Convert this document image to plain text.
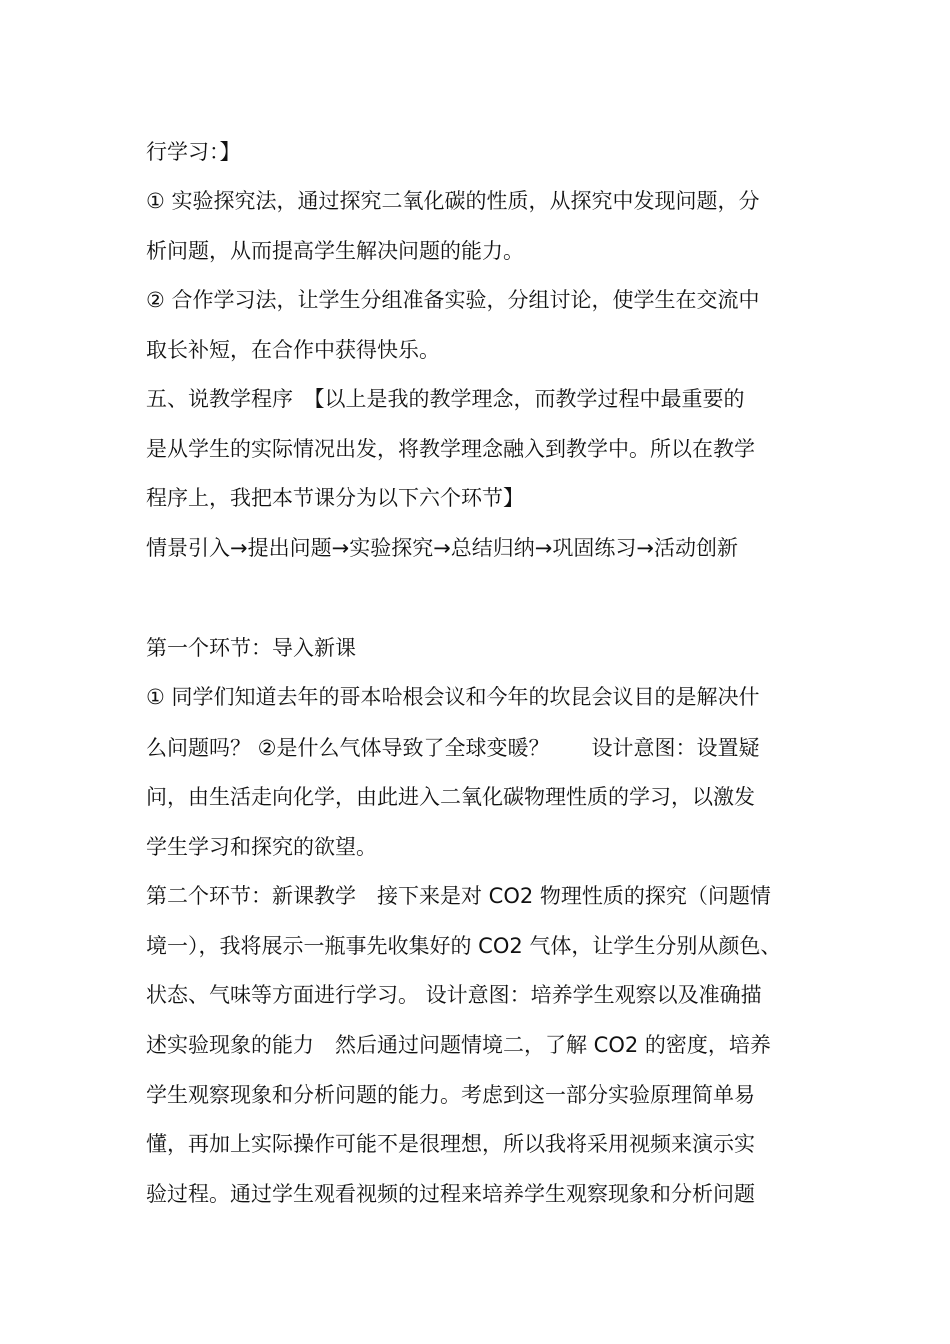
行学习：】
① 实验探究法，通过探究二氧化碳的性质，从探究中发现问题，分
析问题，从而提高学生解决问题的能力。
② 合作学习法，让学生分组准备实验，分组讨论，使学生在交流中
取长补短，在合作中获得快乐。
五、说教学程序　【以上是我的教学理念，而教学过程中最重要的
是从学生的实际情况出发，将教学理念融入到教学中。所以在教学
程序上，我把本节课分为以下六个环节】
情景引入→提出问题→实验探究→总结归纳→巩固练习→活动创新
第一个环节：导入新课
① 同学们知道去年的哥本哈根会议和今年的坎昆会议目的是解决什
么问题吗？ ②是什么气体导致了全球变暖？　　设计意图：设置疑
问，由生活走向化学，由此进入二氧化碳物理性质的学习，以激发
学生学习和探究的欲望。
第二个环节：新课教学　接下来是对 CO2 物理性质的探究（问题情
境一），我将展示一瓶事先收集好的 CO2 气体，让学生分别从颜色、
状态、气味等方面进行学习。 设计意图：培养学生观察以及准确描
述实验现象的能力　然后通过问题情境二，了解 CO2 的密度，培养
学生观察现象和分析问题的能力。考虑到这一部分实验原理简单易
懂，再加上实际操作可能不是很理想，所以我将采用视频来演示实
验过程。通过学生观看视频的过程来培养学生观察现象和分析问题
